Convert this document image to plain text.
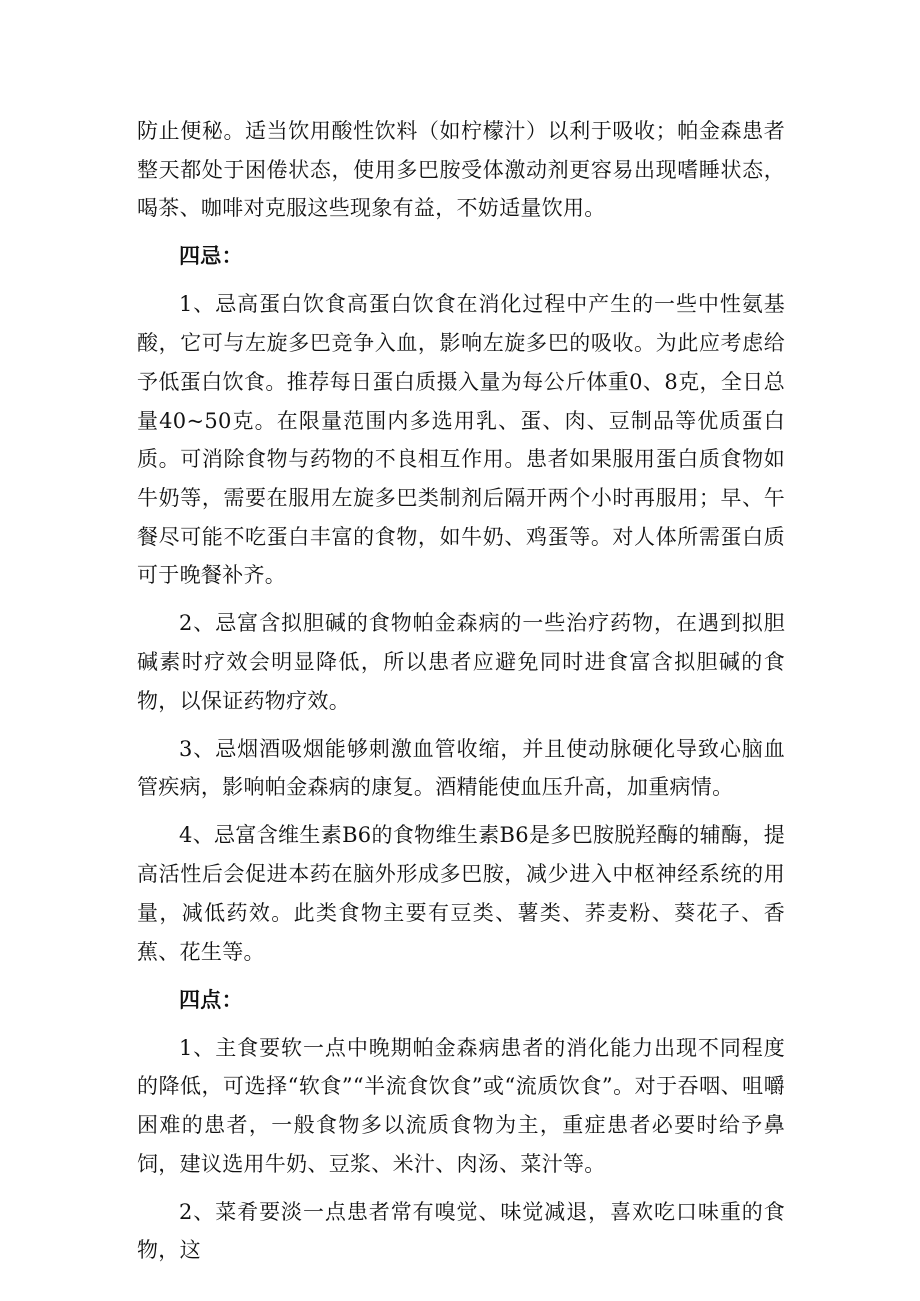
防止便秘。适当饮用酸性饮料（如柠檬汁）以利于吸收；帕金森患者整天都处于困倦状态，使用多巴胺受体激动剂更容易出现嗜睡状态，喝茶、咖啡对克服这些现象有益，不妨适量饮用。

四忌：

1、忌高蛋白饮食高蛋白饮食在消化过程中产生的一些中性氨基酸，它可与左旋多巴竞争入血，影响左旋多巴的吸收。为此应考虑给予低蛋白饮食。推荐每日蛋白质摄入量为每公斤体重0、8克，全日总量40~50克。在限量范围内多选用乳、蛋、肉、豆制品等优质蛋白质。可消除食物与药物的不良相互作用。患者如果服用蛋白质食物如牛奶等，需要在服用左旋多巴类制剂后隔开两个小时再服用；早、午餐尽可能不吃蛋白丰富的食物，如牛奶、鸡蛋等。对人体所需蛋白质可于晚餐补齐。

2、忌富含拟胆碱的食物帕金森病的一些治疗药物，在遇到拟胆碱素时疗效会明显降低，所以患者应避免同时进食富含拟胆碱的食物，以保证药物疗效。

3、忌烟酒吸烟能够刺激血管收缩，并且使动脉硬化导致心脑血管疾病，影响帕金森病的康复。酒精能使血压升高，加重病情。

4、忌富含维生素B6的食物维生素B6是多巴胺脱羟酶的辅酶，提高活性后会促进本药在脑外形成多巴胺，减少进入中枢神经系统的用量，减低药效。此类食物主要有豆类、薯类、荞麦粉、葵花子、香蕉、花生等。

四点：

1、主食要软一点中晚期帕金森病患者的消化能力出现不同程度的降低，可选择“软食”“半流食饮食”或“流质饮食”。对于吞咽、咀嚼困难的患者，一般食物多以流质食物为主，重症患者必要时给予鼻饲，建议选用牛奶、豆浆、米汁、肉汤、菜汁等。

2、菜肴要淡一点患者常有嗅觉、味觉减退，喜欢吃口味重的食物，这
